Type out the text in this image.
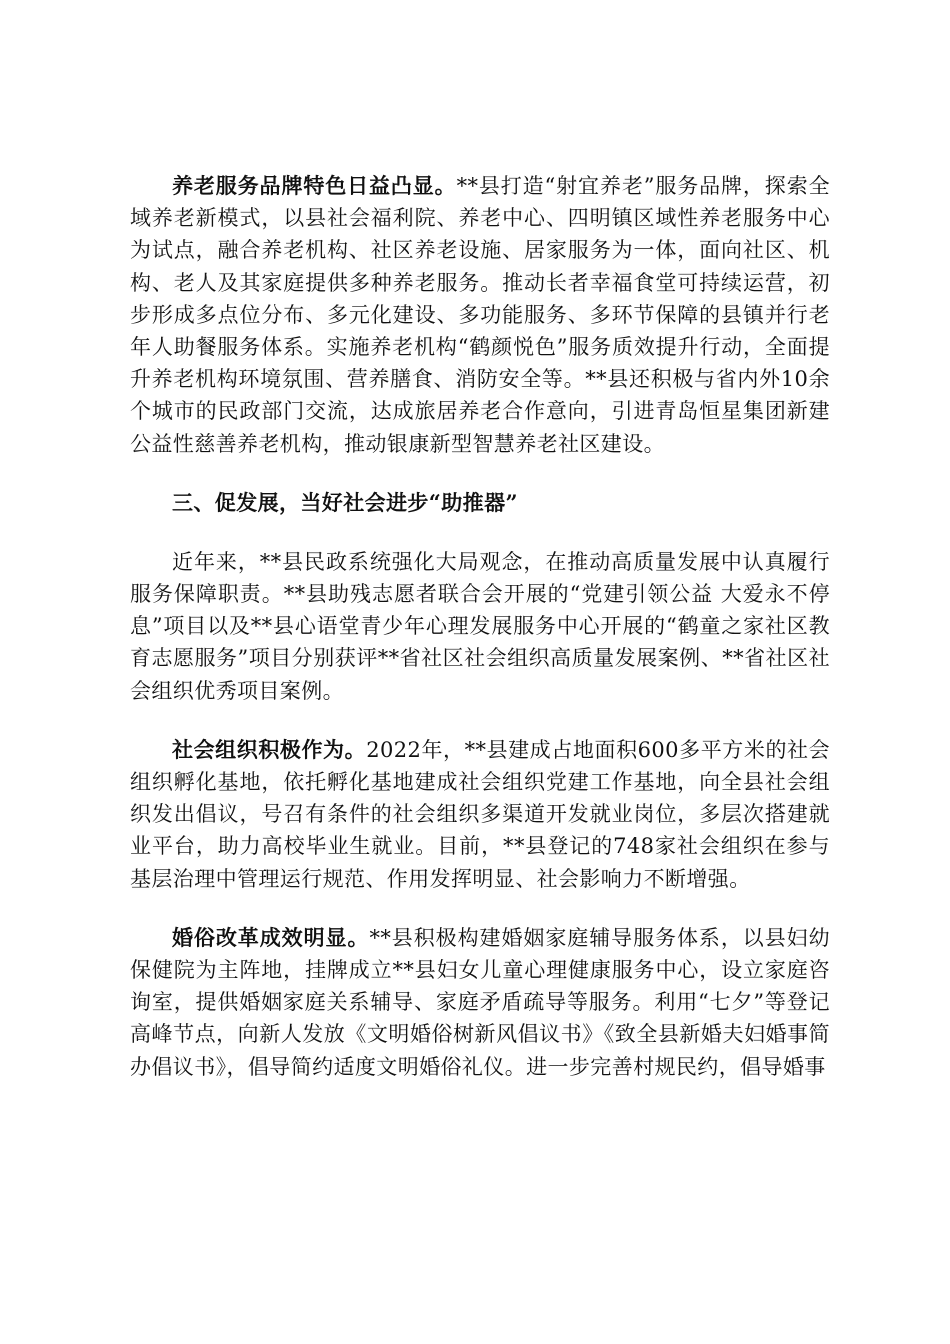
养老服务品牌特色日益凸显。**县打造“射宜养老”服务品牌，探索全域养老新模式，以县社会福利院、养老中心、四明镇区域性养老服务中心为试点，融合养老机构、社区养老设施、居家服务为一体，面向社区、机构、老人及其家庭提供多种养老服务。推动长者幸福食堂可持续运营，初步形成多点位分布、多元化建设、多功能服务、多环节保障的县镇并行老年人助餐服务体系。实施养老机构“鹤颜悦色”服务质效提升行动，全面提升养老机构环境氛围、营养膳食、消防安全等。**县还积极与省内外10余个城市的民政部门交流，达成旅居养老合作意向，引进青岛恒星集团新建公益性慈善养老机构，推动银康新型智慧养老社区建设。

三、促发展，当好社会进步“助推器”

近年来，**县民政系统强化大局观念，在推动高质量发展中认真履行服务保障职责。**县助残志愿者联合会开展的“党建引领公益 大爱永不停息”项目以及**县心语堂青少年心理发展服务中心开展的“鹤童之家社区教育志愿服务”项目分别获评**省社区社会组织高质量发展案例、**省社区社会组织优秀项目案例。

社会组织积极作为。2022年，**县建成占地面积600多平方米的社会组织孵化基地，依托孵化基地建成社会组织党建工作基地，向全县社会组织发出倡议，号召有条件的社会组织多渠道开发就业岗位，多层次搭建就业平台，助力高校毕业生就业。目前，**县登记的748家社会组织在参与基层治理中管理运行规范、作用发挥明显、社会影响力不断增强。

婚俗改革成效明显。**县积极构建婚姻家庭辅导服务体系，以县妇幼保健院为主阵地，挂牌成立**县妇女儿童心理健康服务中心，设立家庭咨询室，提供婚姻家庭关系辅导、家庭矛盾疏导等服务。利用“七夕”等登记高峰节点，向新人发放《文明婚俗树新风倡议书》《致全县新婚夫妇婚事简办倡议书》，倡导简约适度文明婚俗礼仪。进一步完善村规民约，倡导婚事
